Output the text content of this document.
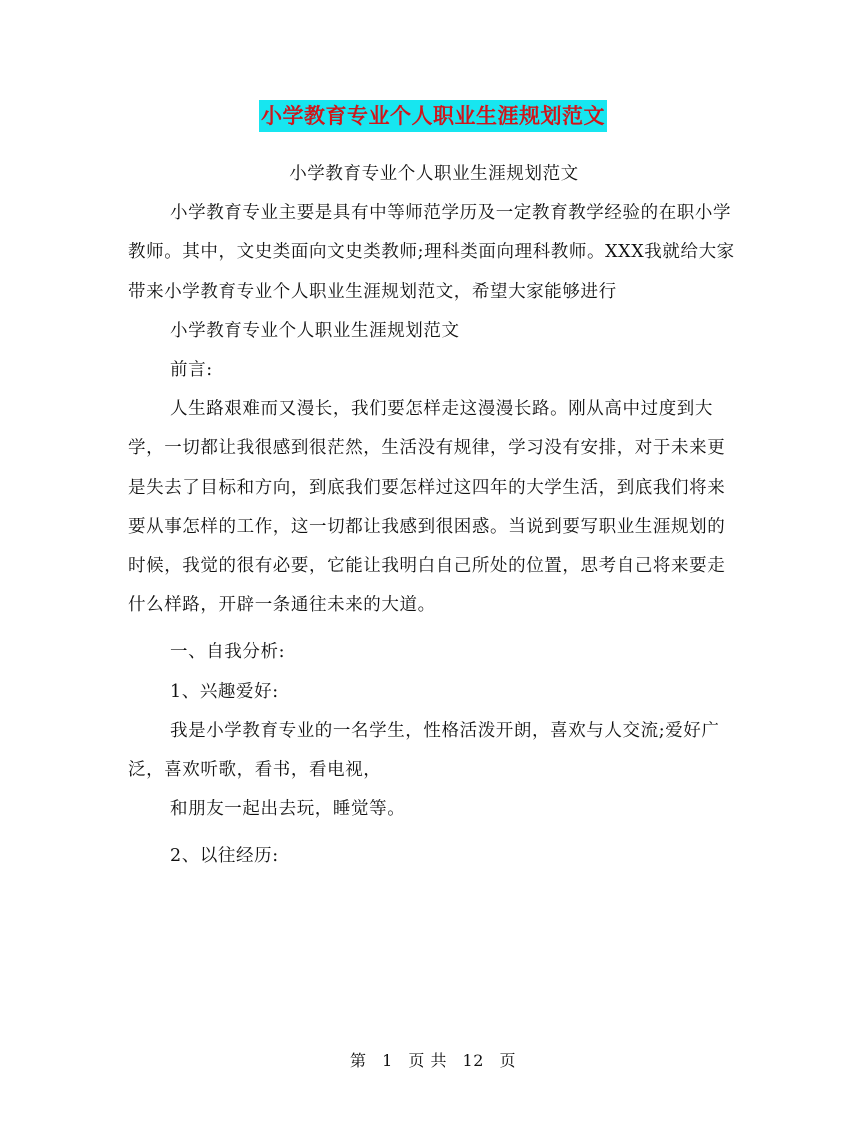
小学教育专业个人职业生涯规划范文

小学教育专业个人职业生涯规划范文

小学教育专业主要是具有中等师范学历及一定教育教学经验的在职小学教师。其中，文史类面向文史类教师;理科类面向理科教师。XXX我就给大家带来小学教育专业个人职业生涯规划范文，希望大家能够进行

小学教育专业个人职业生涯规划范文

前言:

人生路艰难而又漫长，我们要怎样走这漫漫长路。刚从高中过度到大学，一切都让我很感到很茫然，生活没有规律，学习没有安排，对于未来更是失去了目标和方向，到底我们要怎样过这四年的大学生活，到底我们将来要从事怎样的工作，这一切都让我感到很困惑。当说到要写职业生涯规划的时候，我觉的很有必要，它能让我明白自己所处的位置，思考自己将来要走什么样路，开辟一条通往未来的大道。

一、自我分析:

1、兴趣爱好:

我是小学教育专业的一名学生，性格活泼开朗，喜欢与人交流;爱好广泛，喜欢听歌，看书，看电视，

和朋友一起出去玩，睡觉等。

2、以往经历:

第 1 页 共 12 页
